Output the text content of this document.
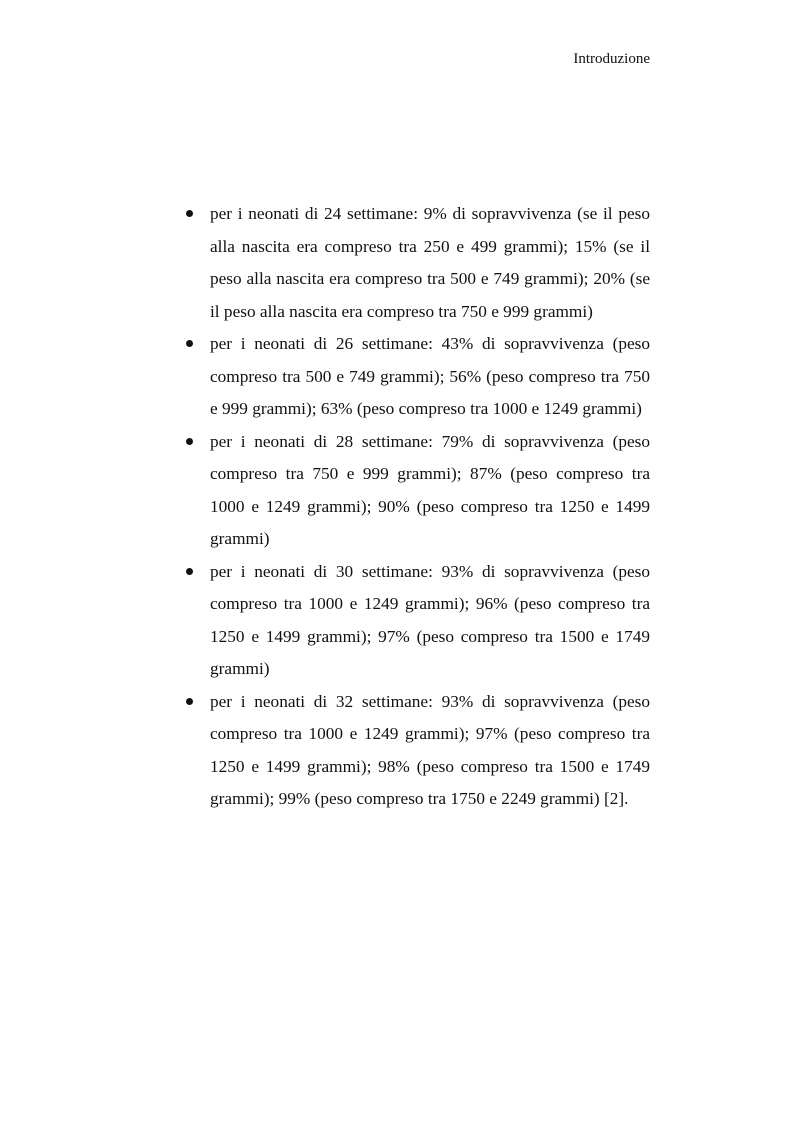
Introduzione
per i neonati di 24 settimane: 9% di sopravvivenza (se il peso alla nascita era compreso tra 250 e 499 grammi); 15% (se il peso alla nascita era compreso tra 500 e 749 grammi); 20% (se il peso alla nascita era compreso tra 750 e 999 grammi)
per i neonati di 26 settimane: 43% di sopravvivenza (peso compreso tra 500 e 749 grammi); 56% (peso compreso tra 750 e 999 grammi); 63% (peso compreso tra 1000 e 1249 grammi)
per i neonati di 28 settimane: 79% di sopravvivenza (peso compreso tra 750 e 999 grammi); 87% (peso compreso tra 1000 e 1249 grammi); 90% (peso compreso tra 1250 e 1499 grammi)
per i neonati di 30 settimane: 93% di sopravvivenza (peso compreso tra 1000 e 1249 grammi); 96% (peso compreso tra 1250 e 1499 grammi); 97% (peso compreso tra 1500 e 1749 grammi)
per i neonati di 32 settimane: 93% di sopravvivenza (peso compreso tra 1000 e 1249 grammi); 97% (peso compreso tra 1250 e 1499 grammi); 98% (peso compreso tra 1500 e 1749 grammi); 99% (peso compreso tra 1750 e 2249 grammi) [2].
